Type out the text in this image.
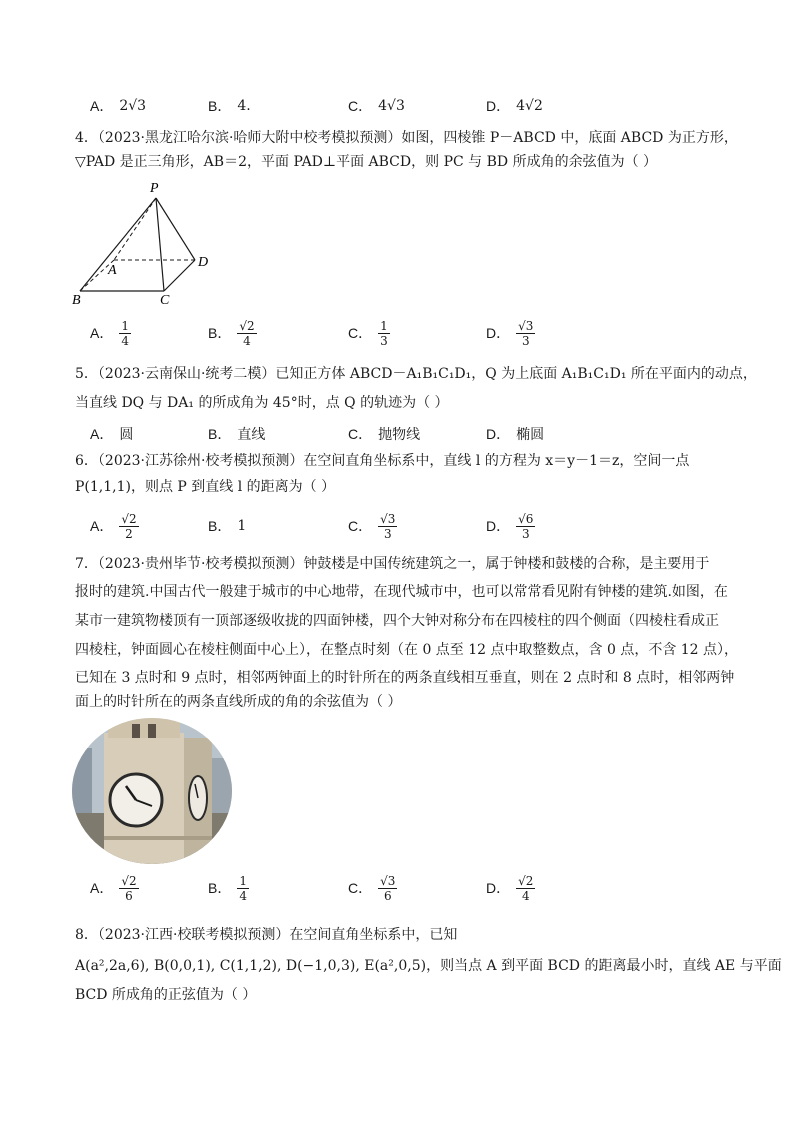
A． 2√3	B． 4.	C． 4√3	D． 4√2
4．（2023·黑龙江哈尔滨·哈师大附中校考模拟预测）如图，四棱锥 P－ABCD 中，底面 ABCD 为正方形，
▽PAD 是正三角形，AB＝2，平面 PAD⊥平面 ABCD，则 PC 与 BD 所成角的余弦值为（ ）
P
A
B	C
D
A． $\frac{1}{4}$	B． $\frac{√2}{4}$	C． $\frac{1}{3}$	D． $\frac{√3}{3}$
5．（2023·云南保山·统考二模）已知正方体 ABCD－A₁B₁C₁D₁，Q 为上底面 A₁B₁C₁D₁ 所在平面内的动点，
当直线 DQ 与 DA₁ 的所成角为 45°时，点 Q 的轨迹为（ ）
A． 圆	B． 直线	C． 抛物线	D． 椭圆
6．（2023·江苏徐州·校考模拟预测）在空间直角坐标系中，直线 l 的方程为 x＝y－1＝z，空间一点
P(1,1,1)，则点 P 到直线 l 的距离为（ ）
A． $\frac{√2}{2}$	B． 1	C． $\frac{√3}{3}$	D． $\frac{√6}{3}$
7．（2023·贵州毕节·校考模拟预测）钟鼓楼是中国传统建筑之一，属于钟楼和鼓楼的合称，是主要用于
报时的建筑.中国古代一般建于城市的中心地带，在现代城市中，也可以常常看见附有钟楼的建筑.如图，在
某市一建筑物楼顶有一顶部逐级收拢的四面钟楼，四个大钟对称分布在四棱柱的四个侧面（四棱柱看成正
四棱柱，钟面圆心在棱柱侧面中心上），在整点时刻（在 0 点至 12 点中取整数点，含 0 点，不含 12 点），
已知在 3 点时和 9 点时，相邻两钟面上的时针所在的两条直线相互垂直，则在 2 点时和 8 点时，相邻两钟
面上的时针所在的两条直线所成的角的余弦值为（ ）
A． $\frac{√2}{6}$	B． $\frac{1}{4}$	C． $\frac{√3}{6}$	D． $\frac{√2}{4}$
8．（2023·江西·校联考模拟预测）在空间直角坐标系中，已知
A(a²,2a,6), B(0,0,1), C(1,1,2), D(−1,0,3), E(a²,0,5)，则当点 A 到平面 BCD 的距离最小时，直线 AE 与平面
BCD 所成角的正弦值为（ ）
